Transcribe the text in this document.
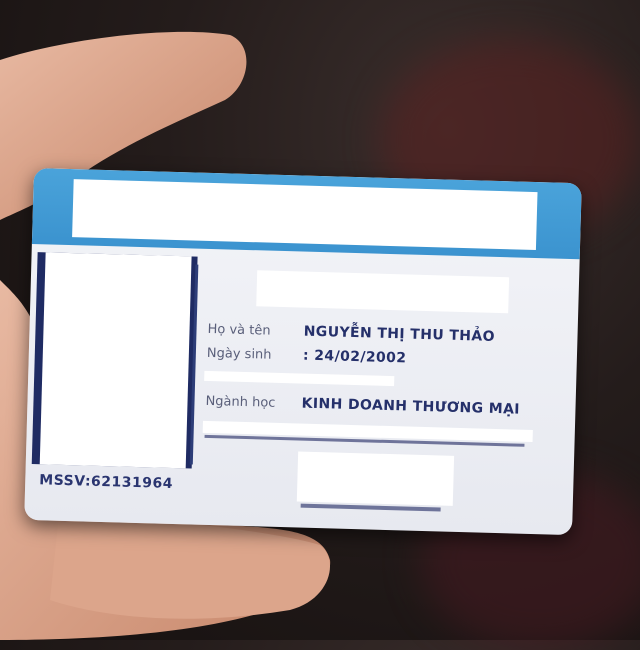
MSSV:62131964
Họ và tên NGUYỄN THỊ THU THẢO
Ngày sinh : 24/02/2002
Ngành học KINH DOANH THƯƠNG MẠI
